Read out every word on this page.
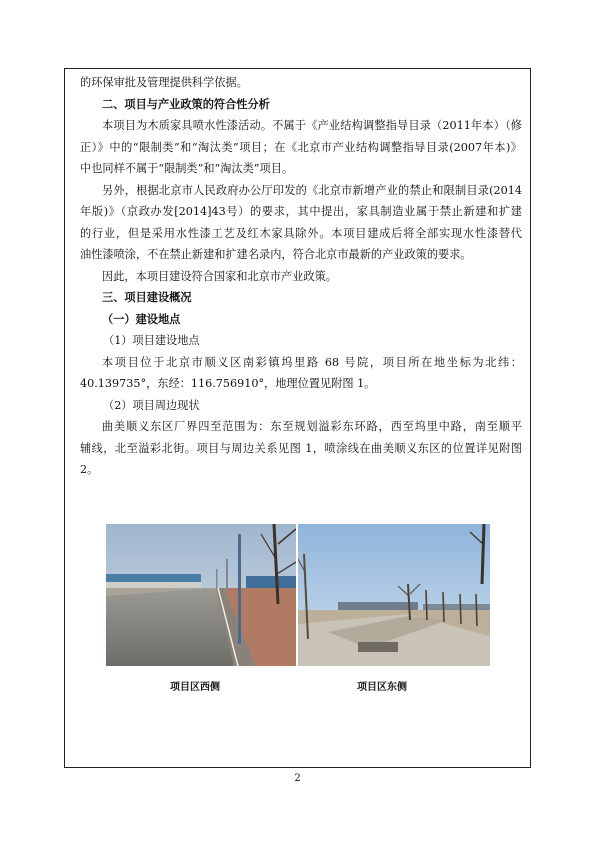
的环保审批及管理提供科学依据。
二、项目与产业政策的符合性分析
本项目为木质家具喷水性漆活动。不属于《产业结构调整指导目录（2011年本）（修
正）》中的“限制类”和“淘汰类”项目；在《北京市产业结构调整指导目录(2007年本)》
中也同样不属于“限制类”和“淘汰类”项目。
另外，根据北京市人民政府办公厅印发的《北京市新增产业的禁止和限制目录(2014
年版)》（京政办发[2014]43号）的要求，其中提出，家具制造业属于禁止新建和扩建
的行业，但是采用水性漆工艺及红木家具除外。本项目建成后将全部实现水性漆替代
油性漆喷涂，不在禁止新建和扩建名录内，符合北京市最新的产业政策的要求。
因此，本项目建设符合国家和北京市产业政策。
三、项目建设概况
（一）建设地点
（1）项目建设地点
本项目位于北京市顺义区南彩镇坞里路 68 号院，项目所在地坐标为北纬：
40.139735°，东经：116.756910°，地理位置见附图 1。
（2）项目周边现状
曲美顺义东区厂界四至范围为：东至规划溢彩东环路，西至坞里中路，南至顺平
辅线，北至溢彩北街。项目与周边关系见图 1，喷涂线在曲美顺义东区的位置详见附图
2。
项目区西侧	项目区东侧
2
